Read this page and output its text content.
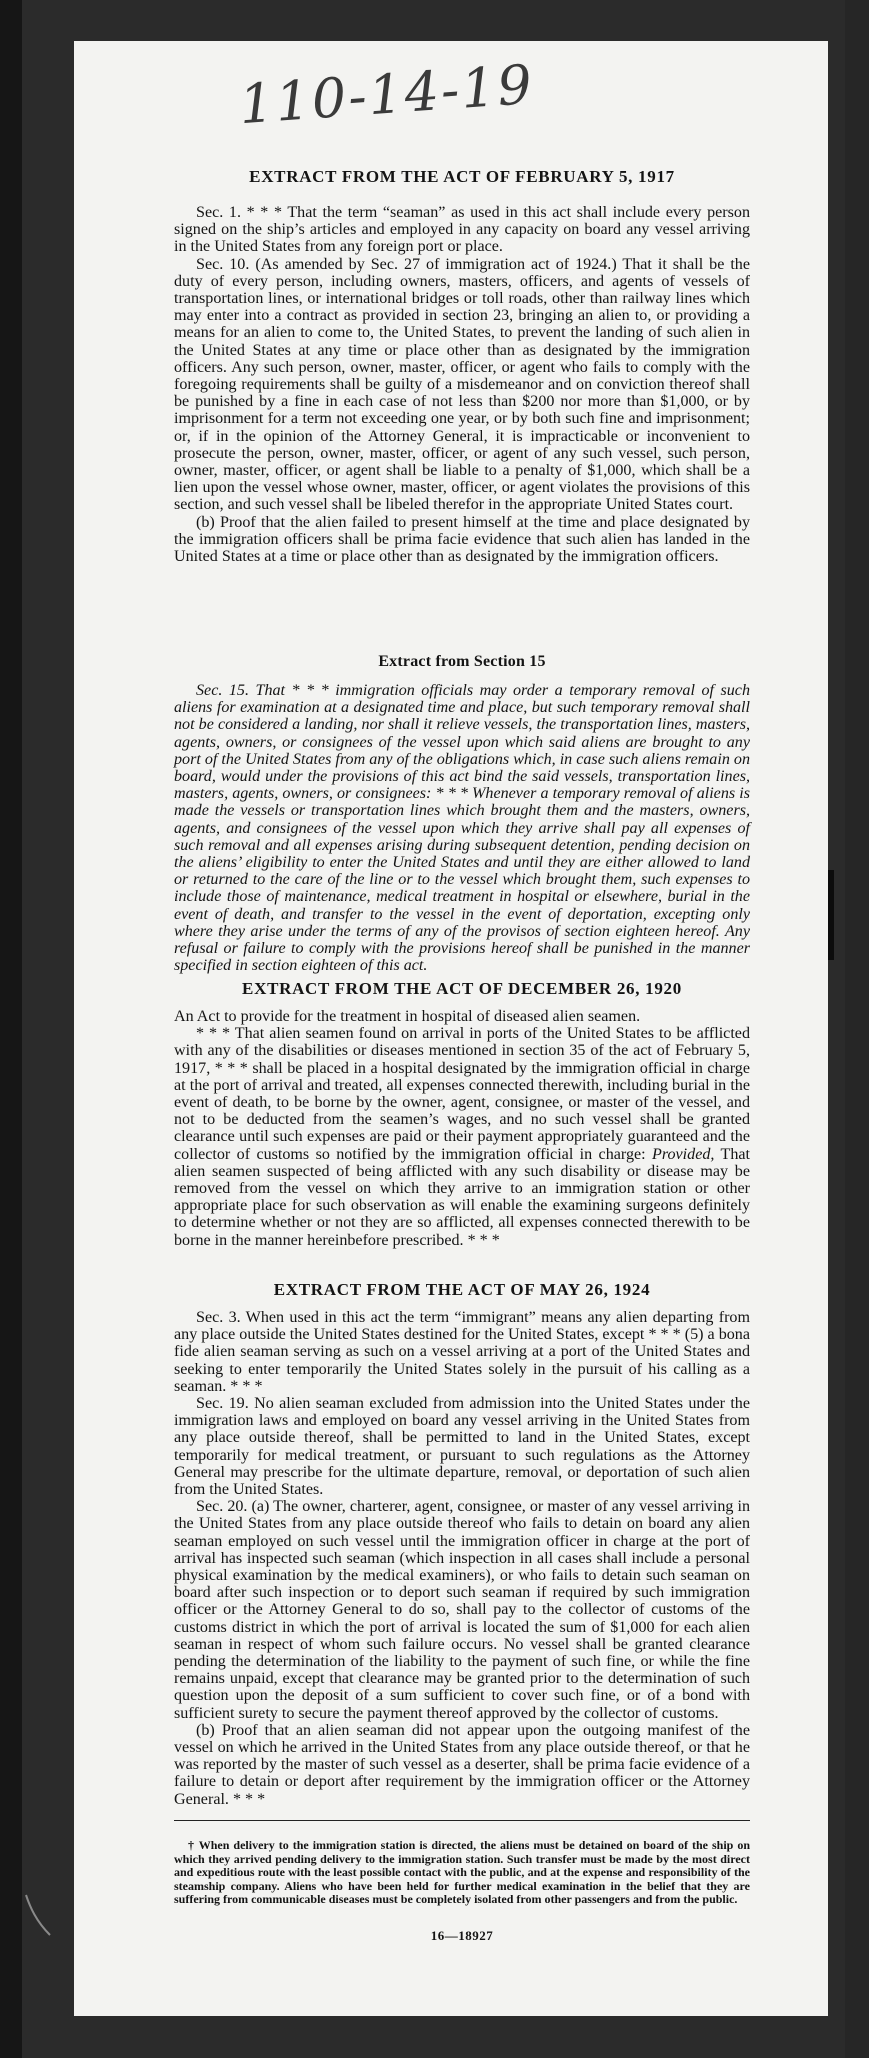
110-14-19
EXTRACT FROM THE ACT OF FEBRUARY 5, 1917

Sec. 1. * * * That the term “seaman” as used in this act shall include every person signed on the ship’s articles and employed in any capacity on board any vessel arriving in the United States from any foreign port or place.

Sec. 10. (As amended by Sec. 27 of immigration act of 1924.) That it shall be the duty of every person, including owners, masters, officers, and agents of vessels of transportation lines, or international bridges or toll roads, other than railway lines which may enter into a contract as provided in section 23, bringing an alien to, or providing a means for an alien to come to, the United States, to prevent the landing of such alien in the United States at any time or place other than as designated by the immigration officers. Any such person, owner, master, officer, or agent who fails to comply with the foregoing requirements shall be guilty of a misdemeanor and on conviction thereof shall be punished by a fine in each case of not less than $200 nor more than $1,000, or by imprisonment for a term not exceeding one year, or by both such fine and imprisonment; or, if in the opinion of the Attorney General, it is impracticable or inconvenient to prosecute the person, owner, master, officer, or agent of any such vessel, such person, owner, master, officer, or agent shall be liable to a penalty of $1,000, which shall be a lien upon the vessel whose owner, master, officer, or agent violates the provisions of this section, and such vessel shall be libeled therefor in the appropriate United States court.

(b) Proof that the alien failed to present himself at the time and place designated by the immigration officers shall be prima facie evidence that such alien has landed in the United States at a time or place other than as designated by the immigration officers.

Extract from Section 15

Sec. 15. That * * * immigration officials may order a temporary removal of such aliens for examination at a designated time and place, but such temporary removal shall not be considered a landing, nor shall it relieve vessels, the transportation lines, masters, agents, owners, or consignees of the vessel upon which said aliens are brought to any port of the United States from any of the obligations which, in case such aliens remain on board, would under the provisions of this act bind the said vessels, transportation lines, masters, agents, owners, or consignees: * * * Whenever a temporary removal of aliens is made the vessels or transportation lines which brought them and the masters, owners, agents, and consignees of the vessel upon which they arrive shall pay all expenses of such removal and all expenses arising during subsequent detention, pending decision on the aliens’ eligibility to enter the United States and until they are either allowed to land or returned to the care of the line or to the vessel which brought them, such expenses to include those of maintenance, medical treatment in hospital or elsewhere, burial in the event of death, and transfer to the vessel in the event of deportation, excepting only where they arise under the terms of any of the provisos of section eighteen hereof. Any refusal or failure to comply with the provisions hereof shall be punished in the manner specified in section eighteen of this act.

EXTRACT FROM THE ACT OF DECEMBER 26, 1920

An Act to provide for the treatment in hospital of diseased alien seamen.

* * * That alien seamen found on arrival in ports of the United States to be afflicted with any of the disabilities or diseases mentioned in section 35 of the act of February 5, 1917, * * * shall be placed in a hospital designated by the immigration official in charge at the port of arrival and treated, all expenses connected therewith, including burial in the event of death, to be borne by the owner, agent, consignee, or master of the vessel, and not to be deducted from the seamen’s wages, and no such vessel shall be granted clearance until such expenses are paid or their payment appropriately guaranteed and the collector of customs so notified by the immigration official in charge: Provided, That alien seamen suspected of being afflicted with any such disability or disease may be removed from the vessel on which they arrive to an immigration station or other appropriate place for such observation as will enable the examining surgeons definitely to determine whether or not they are so afflicted, all expenses connected therewith to be borne in the manner hereinbefore prescribed. * * *

EXTRACT FROM THE ACT OF MAY 26, 1924

Sec. 3. When used in this act the term “immigrant” means any alien departing from any place outside the United States destined for the United States, except * * * (5) a bona fide alien seaman serving as such on a vessel arriving at a port of the United States and seeking to enter temporarily the United States solely in the pursuit of his calling as a seaman. * * *

Sec. 19. No alien seaman excluded from admission into the United States under the immigration laws and employed on board any vessel arriving in the United States from any place outside thereof, shall be permitted to land in the United States, except temporarily for medical treatment, or pursuant to such regulations as the Attorney General may prescribe for the ultimate departure, removal, or deportation of such alien from the United States.

Sec. 20. (a) The owner, charterer, agent, consignee, or master of any vessel arriving in the United States from any place outside thereof who fails to detain on board any alien seaman employed on such vessel until the immigration officer in charge at the port of arrival has inspected such seaman (which inspection in all cases shall include a personal physical examination by the medical examiners), or who fails to detain such seaman on board after such inspection or to deport such seaman if required by such immigration officer or the Attorney General to do so, shall pay to the collector of customs of the customs district in which the port of arrival is located the sum of $1,000 for each alien seaman in respect of whom such failure occurs. No vessel shall be granted clearance pending the determination of the liability to the payment of such fine, or while the fine remains unpaid, except that clearance may be granted prior to the determination of such question upon the deposit of a sum sufficient to cover such fine, or of a bond with sufficient surety to secure the payment thereof approved by the collector of customs.

(b) Proof that an alien seaman did not appear upon the outgoing manifest of the vessel on which he arrived in the United States from any place outside thereof, or that he was reported by the master of such vessel as a deserter, shall be prima facie evidence of a failure to detain or deport after requirement by the immigration officer or the Attorney General. * * *

† When delivery to the immigration station is directed, the aliens must be detained on board of the ship on which they arrived pending delivery to the immigration station. Such transfer must be made by the most direct and expeditious route with the least possible contact with the public, and at the expense and responsibility of the steamship company. Aliens who have been held for further medical examination in the belief that they are suffering from communicable diseases must be completely isolated from other passengers and from the public.

16—18927
